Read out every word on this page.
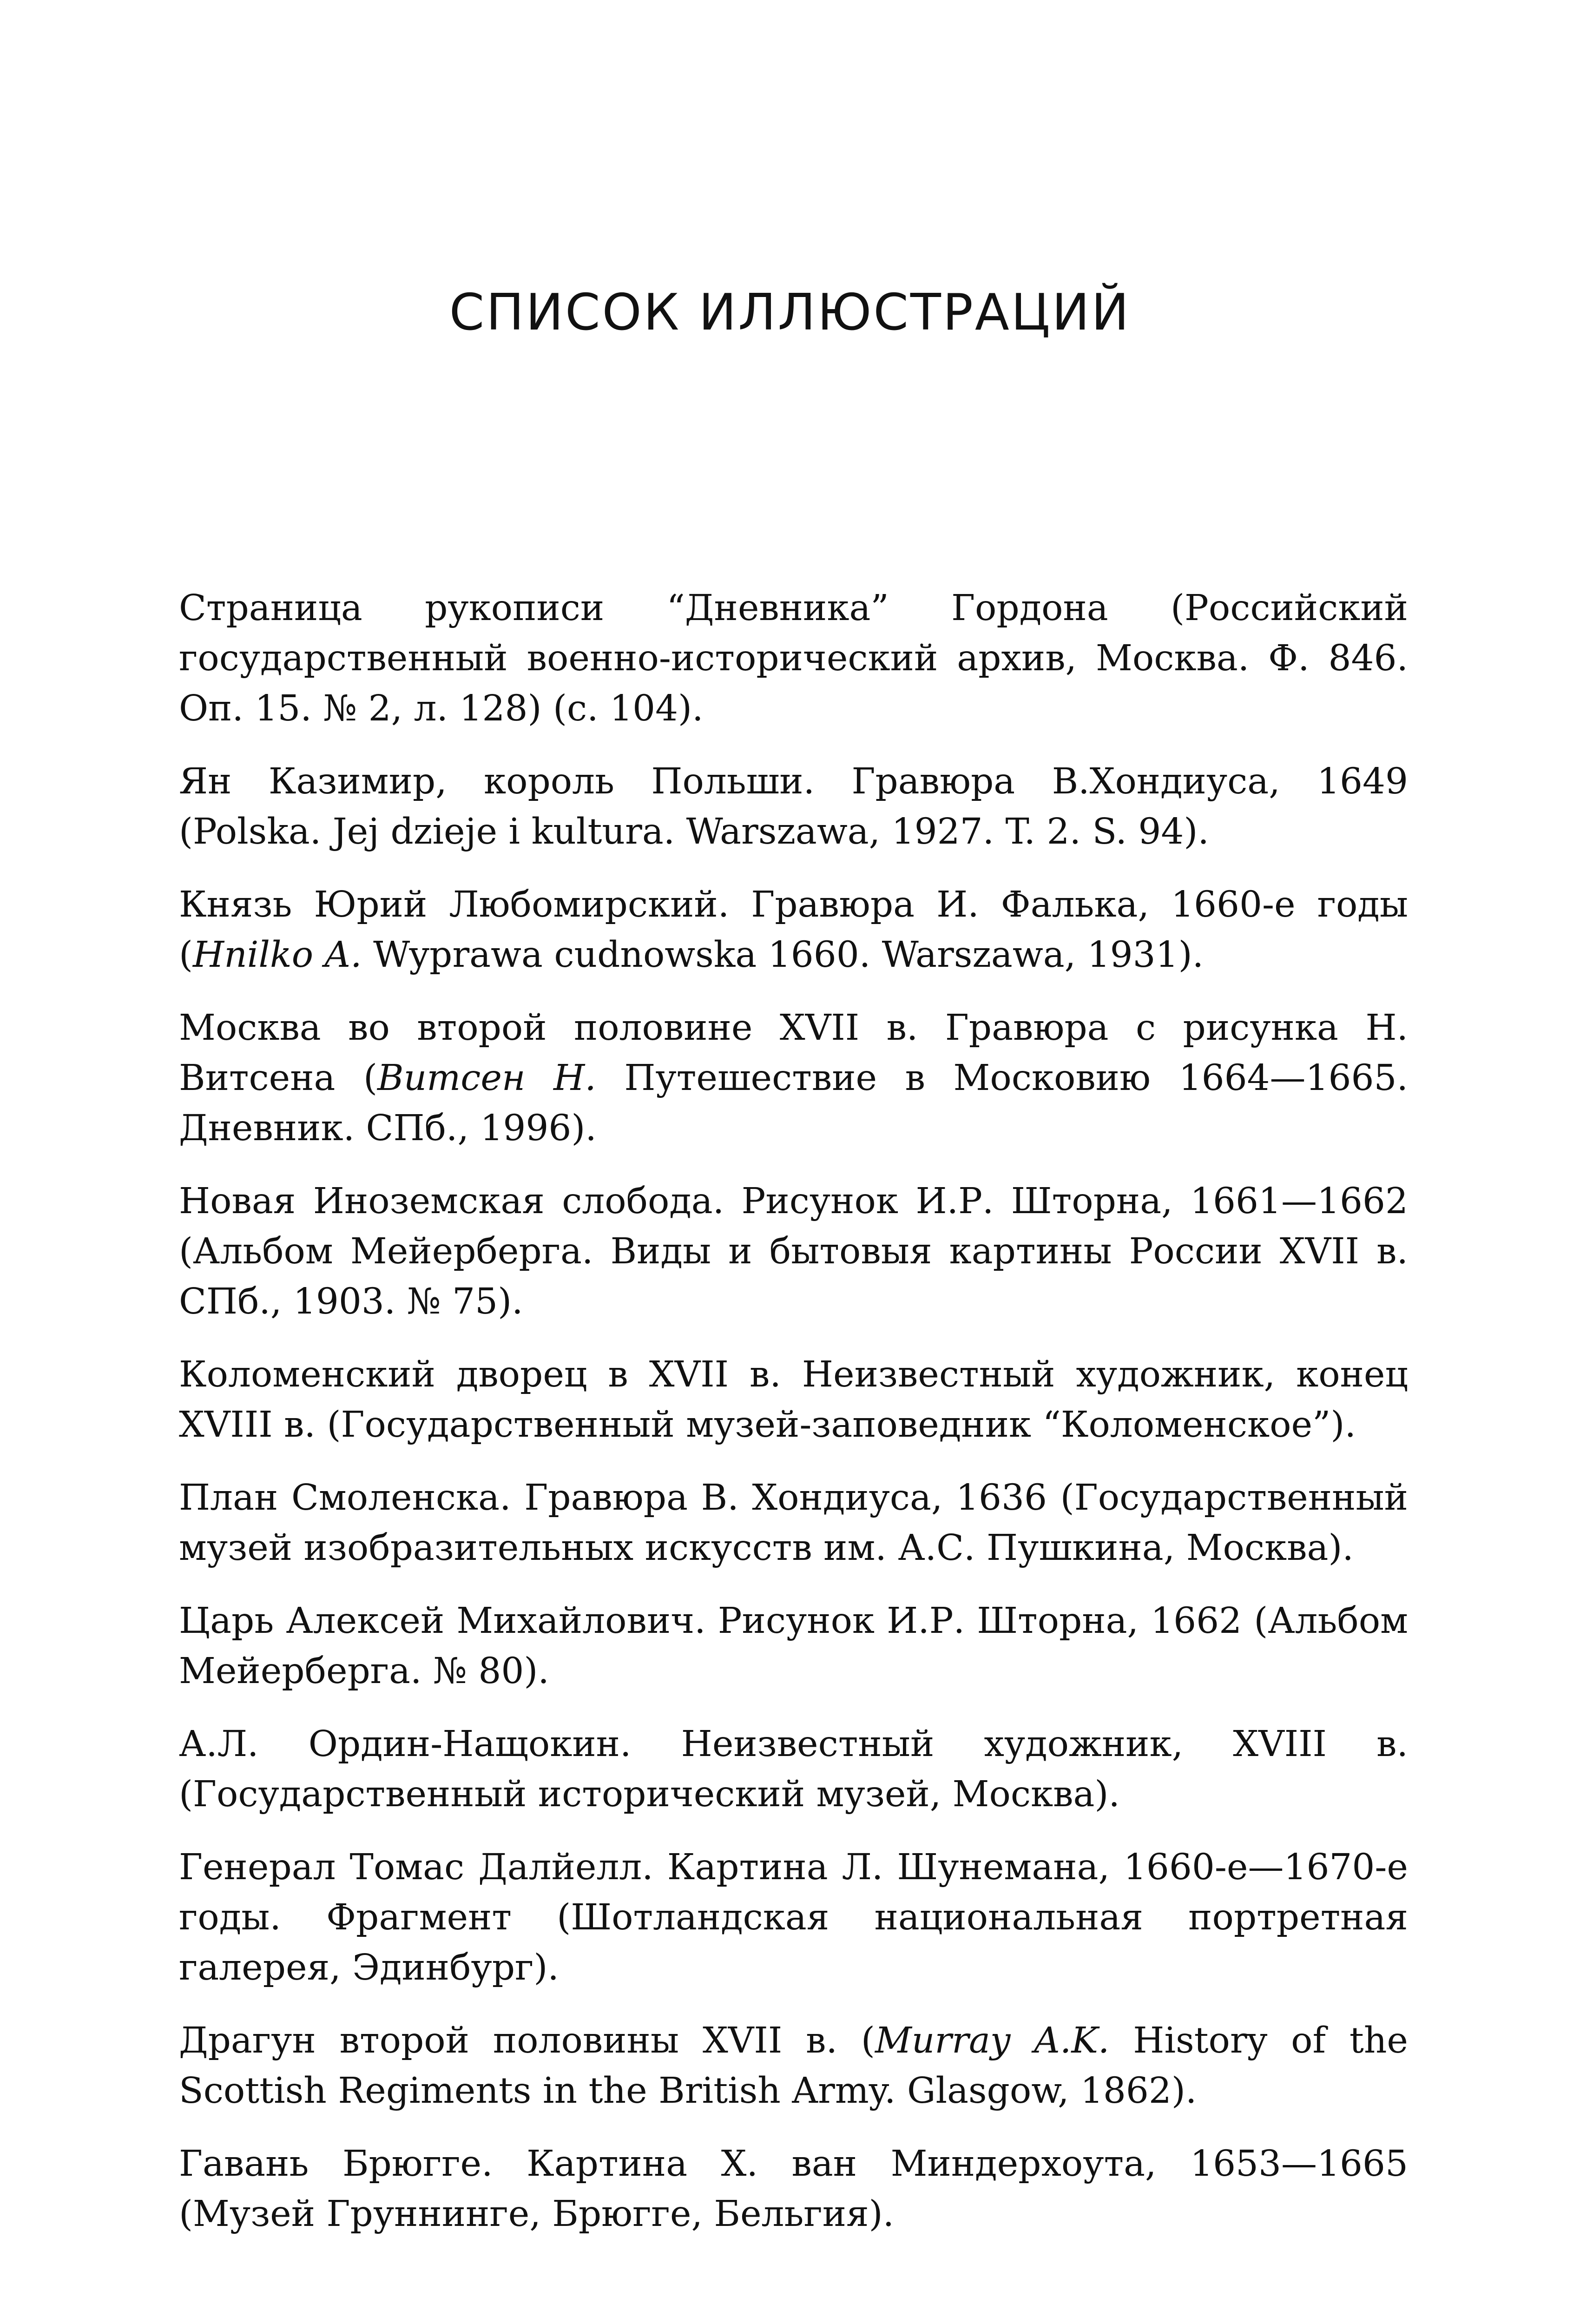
СПИСОК ИЛЛЮСТРАЦИЙ
Страница рукописи “Дневника” Гордона (Российский государственный военно-исторический архив, Москва. Ф. 846. Оп. 15. № 2, л. 128) (с. 104).
Ян Казимир, король Польши. Гравюра В.Хондиуса, 1649 (Polska. Jej dzieje i kultura. Warszawa, 1927. T. 2. S. 94).
Князь Юрий Любомирский. Гравюра И. Фалька, 1660-е годы (Hnilko A. Wyprawa cudnowska 1660. Warszawa, 1931).
Москва во второй половине XVII в. Гравюра с рисунка Н. Витсена (Витсен Н. Путешествие в Московию 1664—1665. Дневник. СПб., 1996).
Новая Иноземская слобода. Рисунок И.Р. Шторна, 1661—1662 (Альбом Мейерберга. Виды и бытовыя картины России XVII в. СПб., 1903. № 75).
Коломенский дворец в XVII в. Неизвестный художник, конец XVIII в. (Государственный музей-заповедник “Коломенское”).
План Смоленска. Гравюра В. Хондиуса, 1636 (Государственный музей изобразительных искусств им. А.С. Пушкина, Москва).
Царь Алексей Михайлович. Рисунок И.Р. Шторна, 1662 (Альбом Мейерберга. № 80).
А.Л. Ордин-Нащокин. Неизвестный художник, XVIII в. (Государственный исторический музей, Москва).
Генерал Томас Далйелл. Картина Л. Шунемана, 1660-е—1670-е годы. Фрагмент (Шотландская национальная портретная галерея, Эдинбург).
Драгун второй половины XVII в. (Murray A.K. History of the Scottish Regiments in the British Army. Glasgow, 1862).
Гавань Брюгге. Картина Х. ван Миндерхоута, 1653—1665 (Музей Груннинге, Брюгге, Бельгия).
